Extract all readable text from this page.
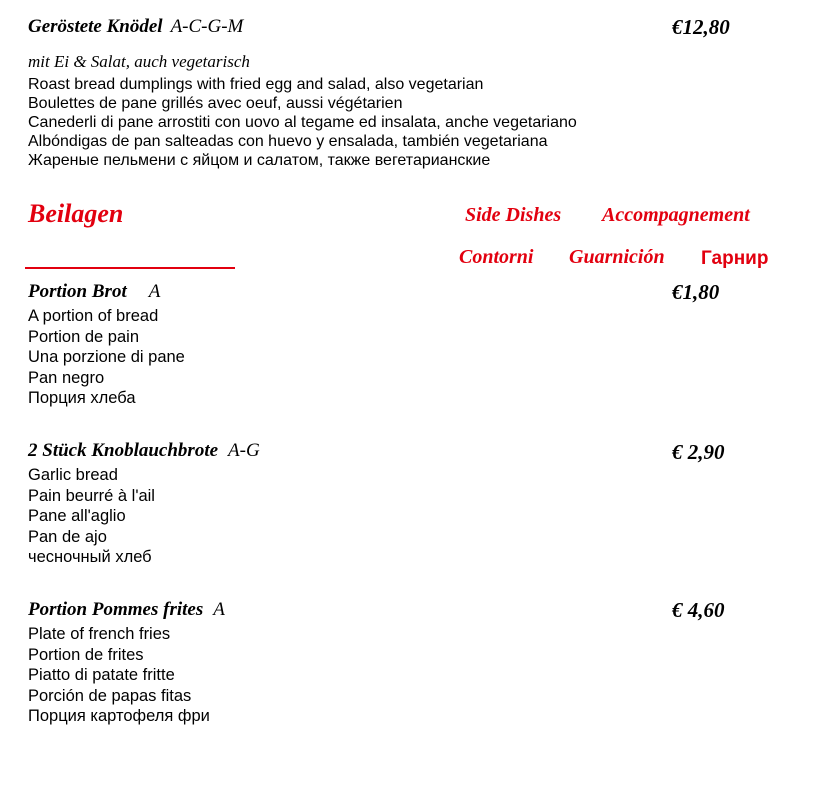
Geröstete Knödel A-C-G-M	€12,80
mit Ei & Salat, auch vegetarisch
Roast bread dumplings with fried egg and salad, also vegetarian
Boulettes de pane grillés avec oeuf, aussi végétarien
Canederli di pane arrostiti con uovo al tegame ed insalata, anche vegetariano
Albóndigas de pan salteadas con huevo y ensalada, también vegetariana
Жареные пельмени с яйцом и салатом, также вегетарианские
Beilagen	Side Dishes Accompagnement
Contorni Guarnición Гарнир
Portion Brot A	€1,80
A portion of bread
Portion de pain
Una porzione di pane
Pan negro
Порция хлеба
2 Stück Knoblauchbrote A-G	€ 2,90
Garlic bread
Pain beurré à l'ail
Pane all'aglio
Pan de ajo
чесночный хлеб
Portion Pommes frites A	€ 4,60
Plate of french fries
Portion de frites
Piatto di patate fritte
Porción de papas fitas
Порция картофеля фри
